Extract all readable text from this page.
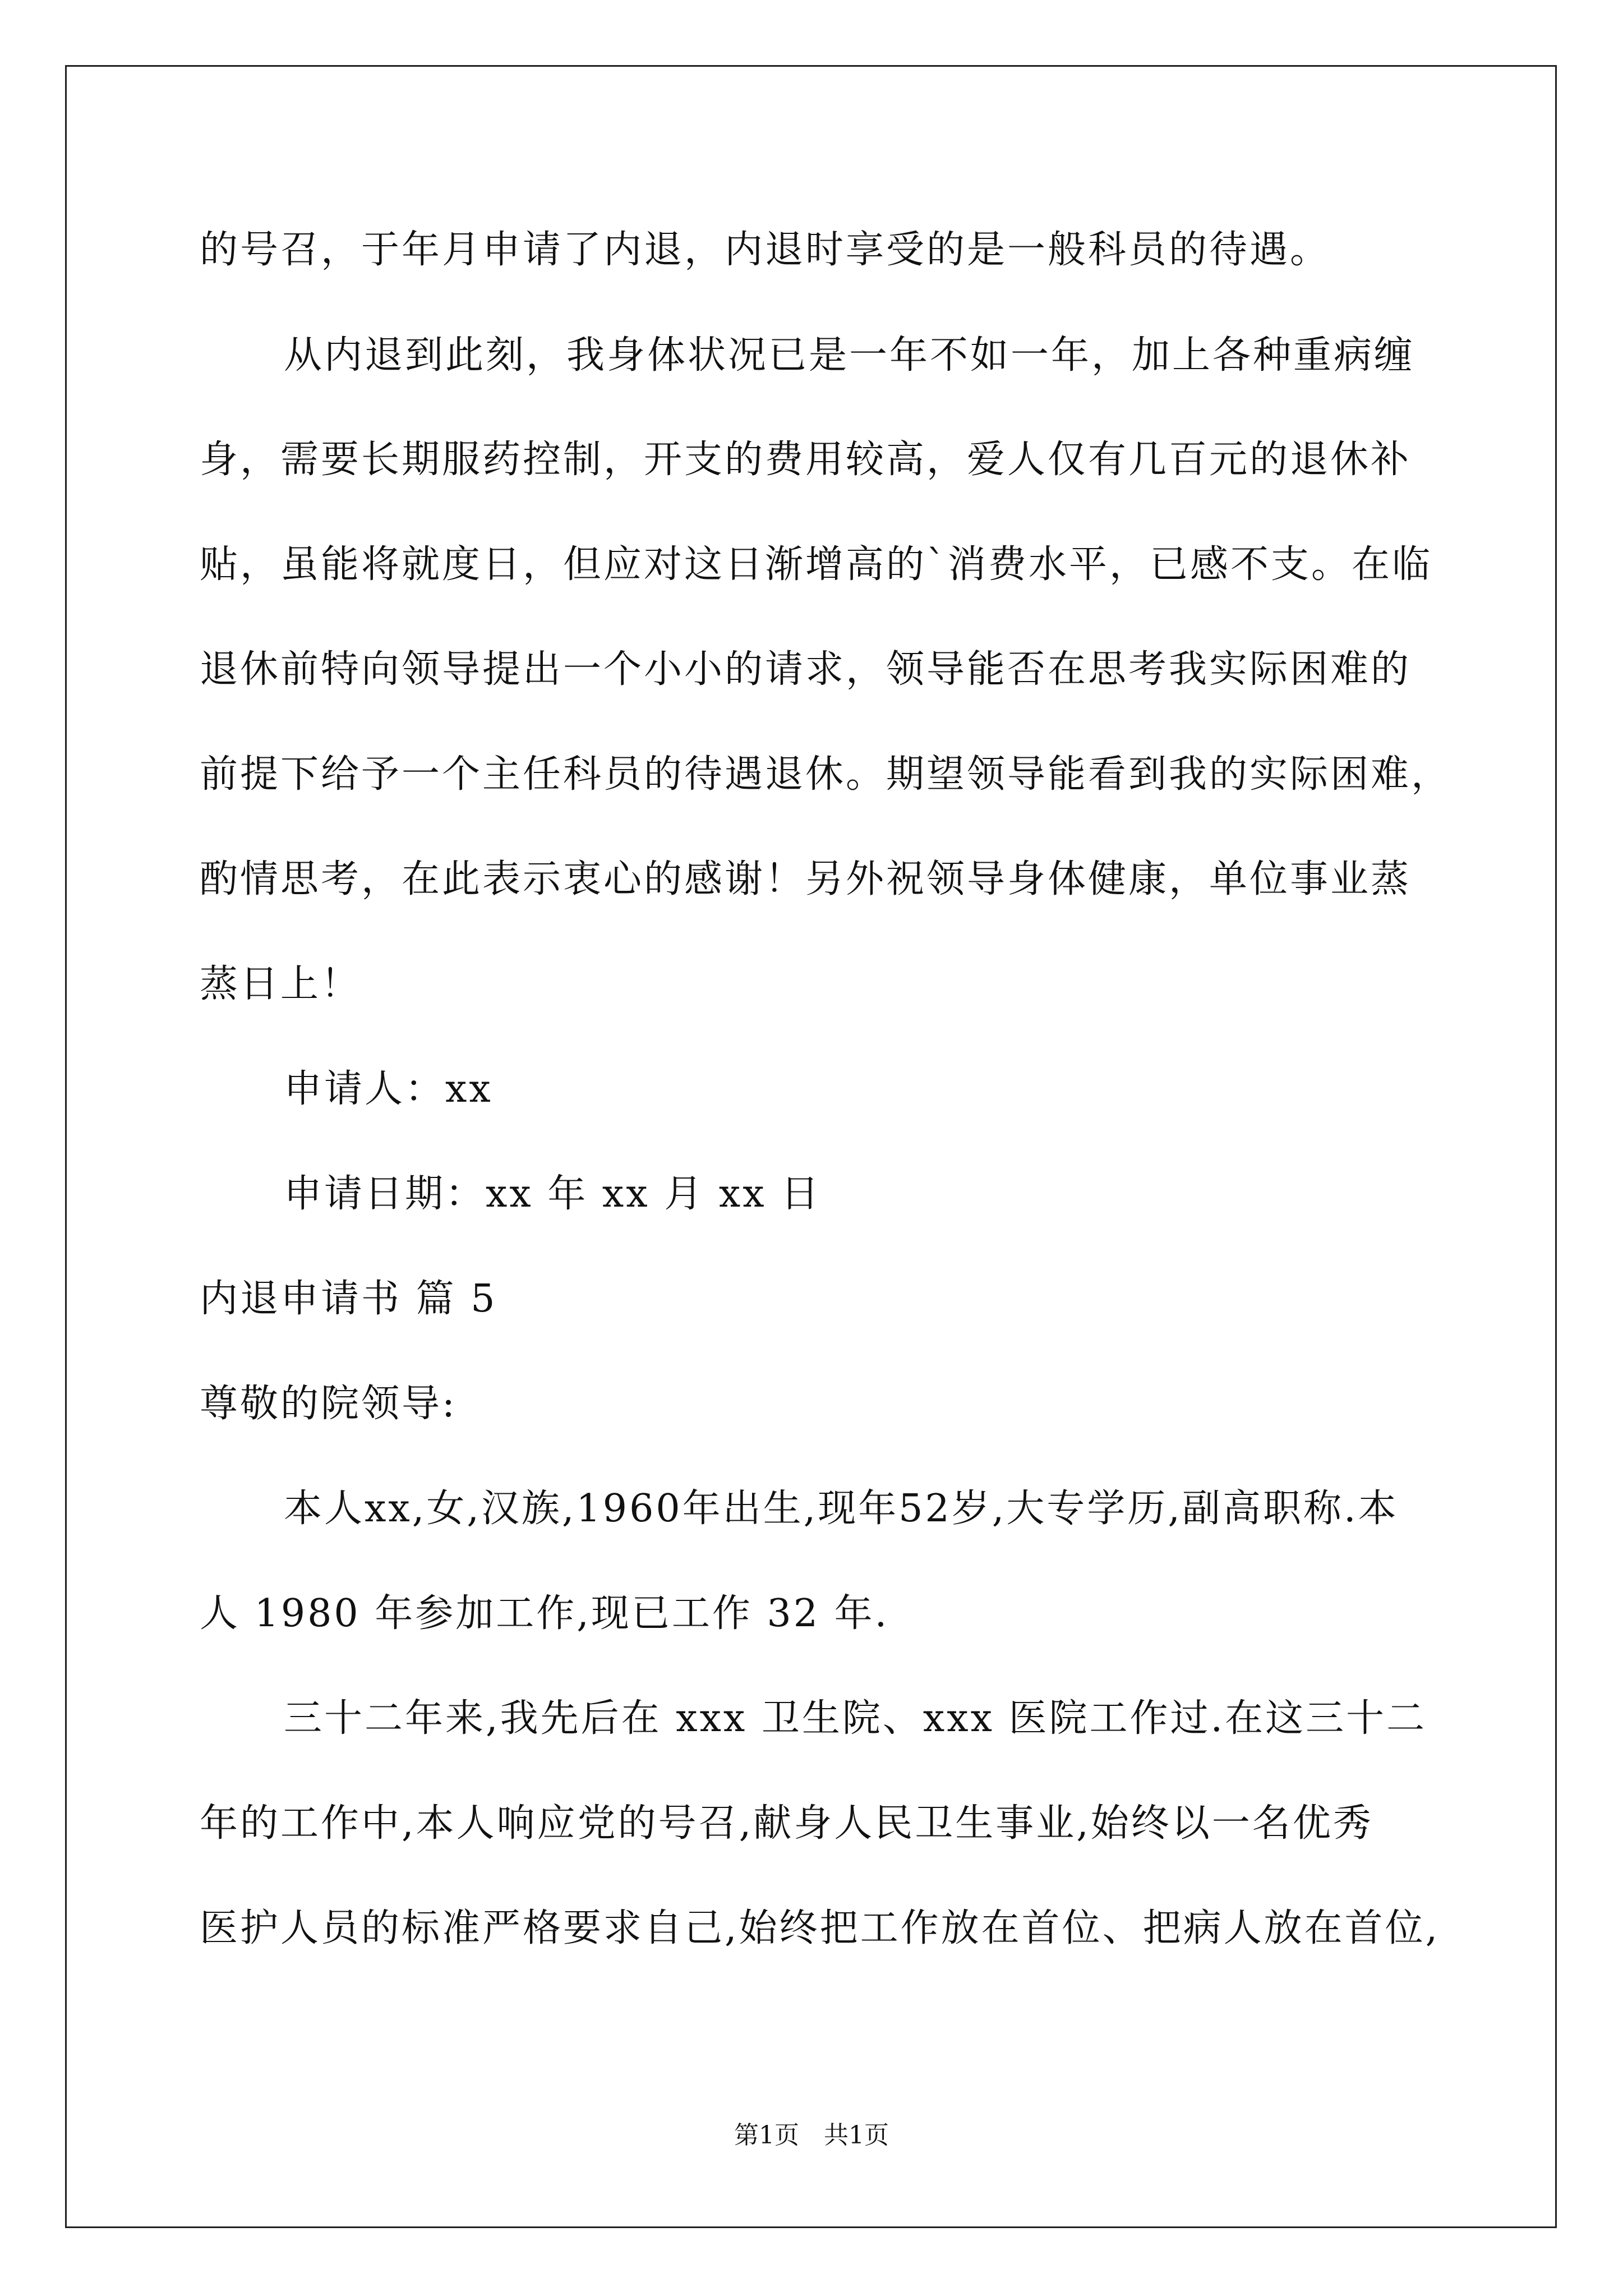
的号召，于年月申请了内退，内退时享受的是一般科员的待遇。
从内退到此刻，我身体状况已是一年不如一年，加上各种重病缠
身，需要长期服药控制，开支的费用较高，爱人仅有几百元的退休补
贴，虽能将就度日，但应对这日渐增高的`消费水平，已感不支。在临
退休前特向领导提出一个小小的请求，领导能否在思考我实际困难的
前提下给予一个主任科员的待遇退休。期望领导能看到我的实际困难，
酌情思考，在此表示衷心的感谢！另外祝领导身体健康，单位事业蒸
蒸日上！
申请人：xx
申请日期：xx 年 xx 月 xx 日
内退申请书 篇 5
尊敬的院领导:
本人xx,女,汉族,1960年出生,现年52岁,大专学历,副高职称.本
人 1980 年参加工作,现已工作 32 年.
三十二年来,我先后在 xxx 卫生院、xxx 医院工作过.在这三十二
年的工作中,本人响应党的号召,献身人民卫生事业,始终以一名优秀
医护人员的标准严格要求自己,始终把工作放在首位、把病人放在首位,
第1页　共1页
